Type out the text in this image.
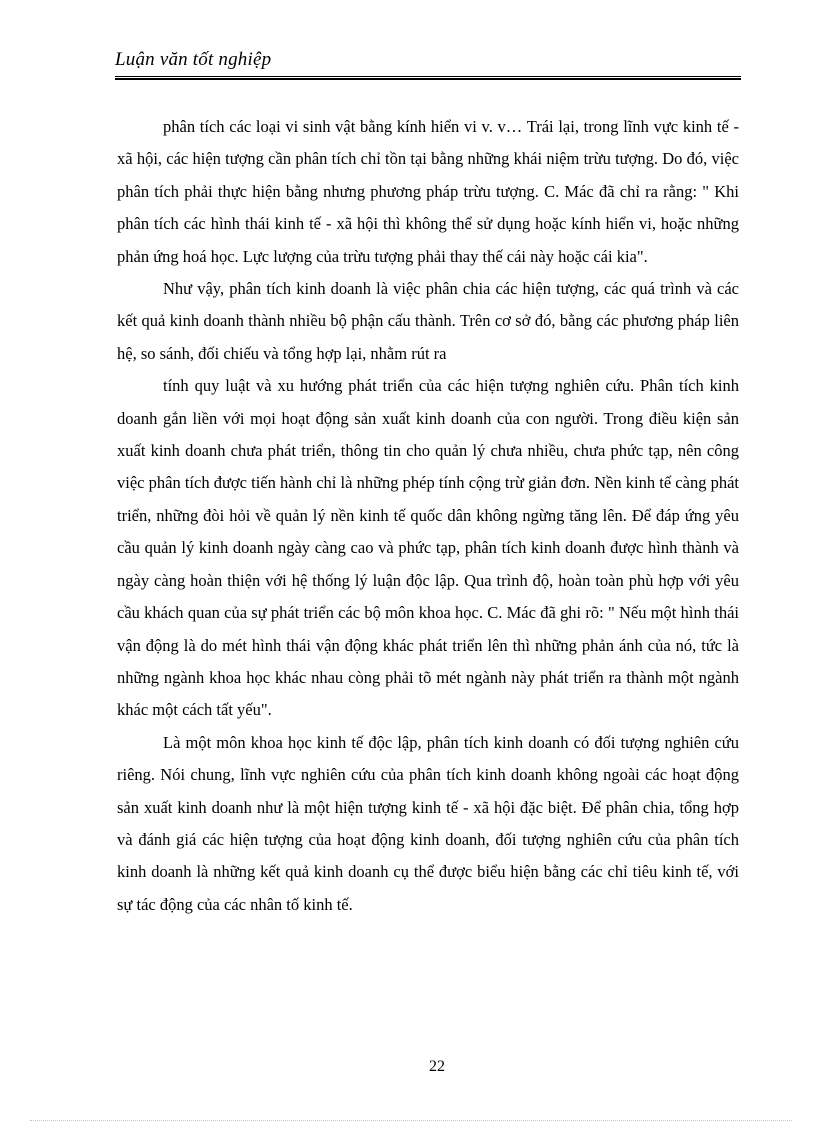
Luận văn tốt nghiệp

phân tích các loại vi sinh vật bằng kính hiển vi v. v… Trái lại, trong lĩnh vực kinh tế - xã hội, các hiện tượng cần phân tích chỉ tồn tại bằng những khái niệm trừu tượng. Do đó, việc phân tích phải thực hiện bằng nhưng phương pháp trừu tượng. C. Mác đã chỉ ra rằng: " Khi phân tích các hình thái kinh tế - xã hội thì không thể sử dụng hoặc kính hiển vi, hoặc những phản ứng hoá học. Lực lượng của trừu tượng phải thay thế cái này hoặc cái kia".

Như vậy, phân tích kinh doanh là việc phân chia các hiện tượng, các quá trình và các kết quả kinh doanh thành nhiều bộ phận cấu thành. Trên cơ sở đó, bằng các phương pháp liên hệ, so sánh, đối chiếu và tổng hợp lại, nhằm rút ra

tính quy luật và xu hướng phát triển của các hiện tượng nghiên cứu. Phân tích kinh doanh gắn liền với mọi hoạt động sản xuất kinh doanh của con người. Trong điều kiện sản xuất kinh doanh chưa phát triển, thông tin cho quản lý chưa nhiều, chưa phức tạp, nên công việc phân tích được tiến hành chỉ là những phép tính cộng trừ giản đơn. Nền kinh tế càng phát triển, những đòi hỏi về quản lý nền kinh tế quốc dân không ngừng tăng lên. Để đáp ứng yêu cầu quản lý kinh doanh ngày càng cao và phức tạp, phân tích kinh doanh được hình thành và ngày càng hoàn thiện với hệ thống lý luận độc lập. Qua trình độ, hoàn toàn phù hợp với yêu cầu khách quan của sự phát triển các bộ môn khoa học. C. Mác đã ghi rõ: " Nếu một hình thái vận động là do mét hình thái vận động khác phát triển lên thì những phản ánh của nó, tức là những ngành khoa học khác nhau còng phải tõ mét ngành này phát triển ra thành một ngành khác một cách tất yếu".

Là một môn khoa học kinh tế độc lập, phân tích kinh doanh có đối tượng nghiên cứu riêng. Nói chung, lĩnh vực nghiên cứu của phân tích kinh doanh không ngoài các hoạt động sản xuất kinh doanh như là một hiện tượng kinh tế - xã hội đặc biệt. Để phân chia, tổng hợp và đánh giá các hiện tượng của hoạt động kinh doanh, đối tượng nghiên cứu của phân tích kinh doanh là những kết quả kinh doanh cụ thể được biểu hiện bằng các chỉ tiêu kinh tế, với sự tác động của các nhân tố kinh tế.

22
